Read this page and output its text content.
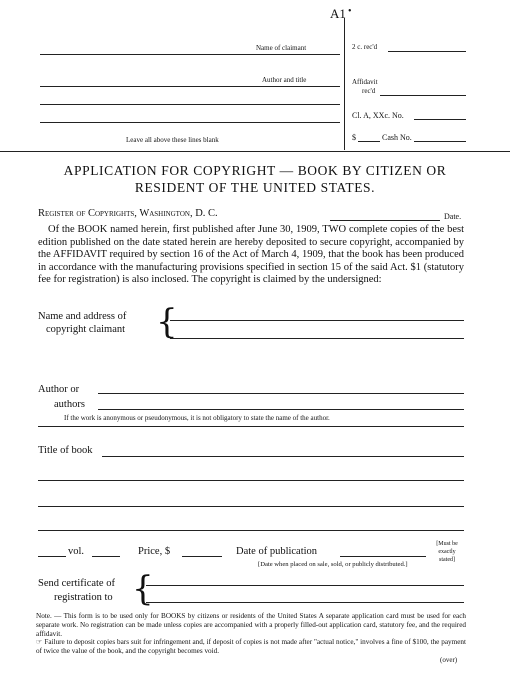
A1 •
Name of claimant
Author and title
Leave all above these lines blank
2 c. rec'd
Affidavit
rec'd
Cl. A, XXc. No.
$	Cash No.
APPLICATION FOR COPYRIGHT — BOOK BY CITIZEN OR
RESIDENT OF THE UNITED STATES.
Register of Copyrights, Washington, D. C.	Date.
Of the BOOK named herein, first published after June 30, 1909, TWO complete copies of the best edition published on the date stated herein are hereby deposited to secure copyright, accompanied by the AFFIDAVIT required by section 16 of the Act of March 4, 1909, that the book has been produced in accordance with the manufacturing provisions specified in section 15 of the said Act. $1 (statutory fee for registration) is also inclosed. The copyright is claimed by the undersigned:
Name and address of
copyright claimant {
Author or
authors
If the work is anonymous or pseudonymous, it is not obligatory to state the name of the author.
Title of book
vol.	Price, $	Date of publication
[Date when placed on sale, sold, or publicly distributed.]
[Must be exactly stated]
Send certificate of
registration to {
Note. — This form is to be used only for BOOKS by citizens or residents of the United States A separate application card must be used for each separate work. No registration can be made unless copies are accompanied with a properly filled-out application card, statutory fee, and the required affidavit.
☞ Failure to deposit copies bars suit for infringement and, if deposit of copies is not made after "actual notice," involves a fine of $100, the payment of twice the value of the book, and the copyright becomes void.
(over)
